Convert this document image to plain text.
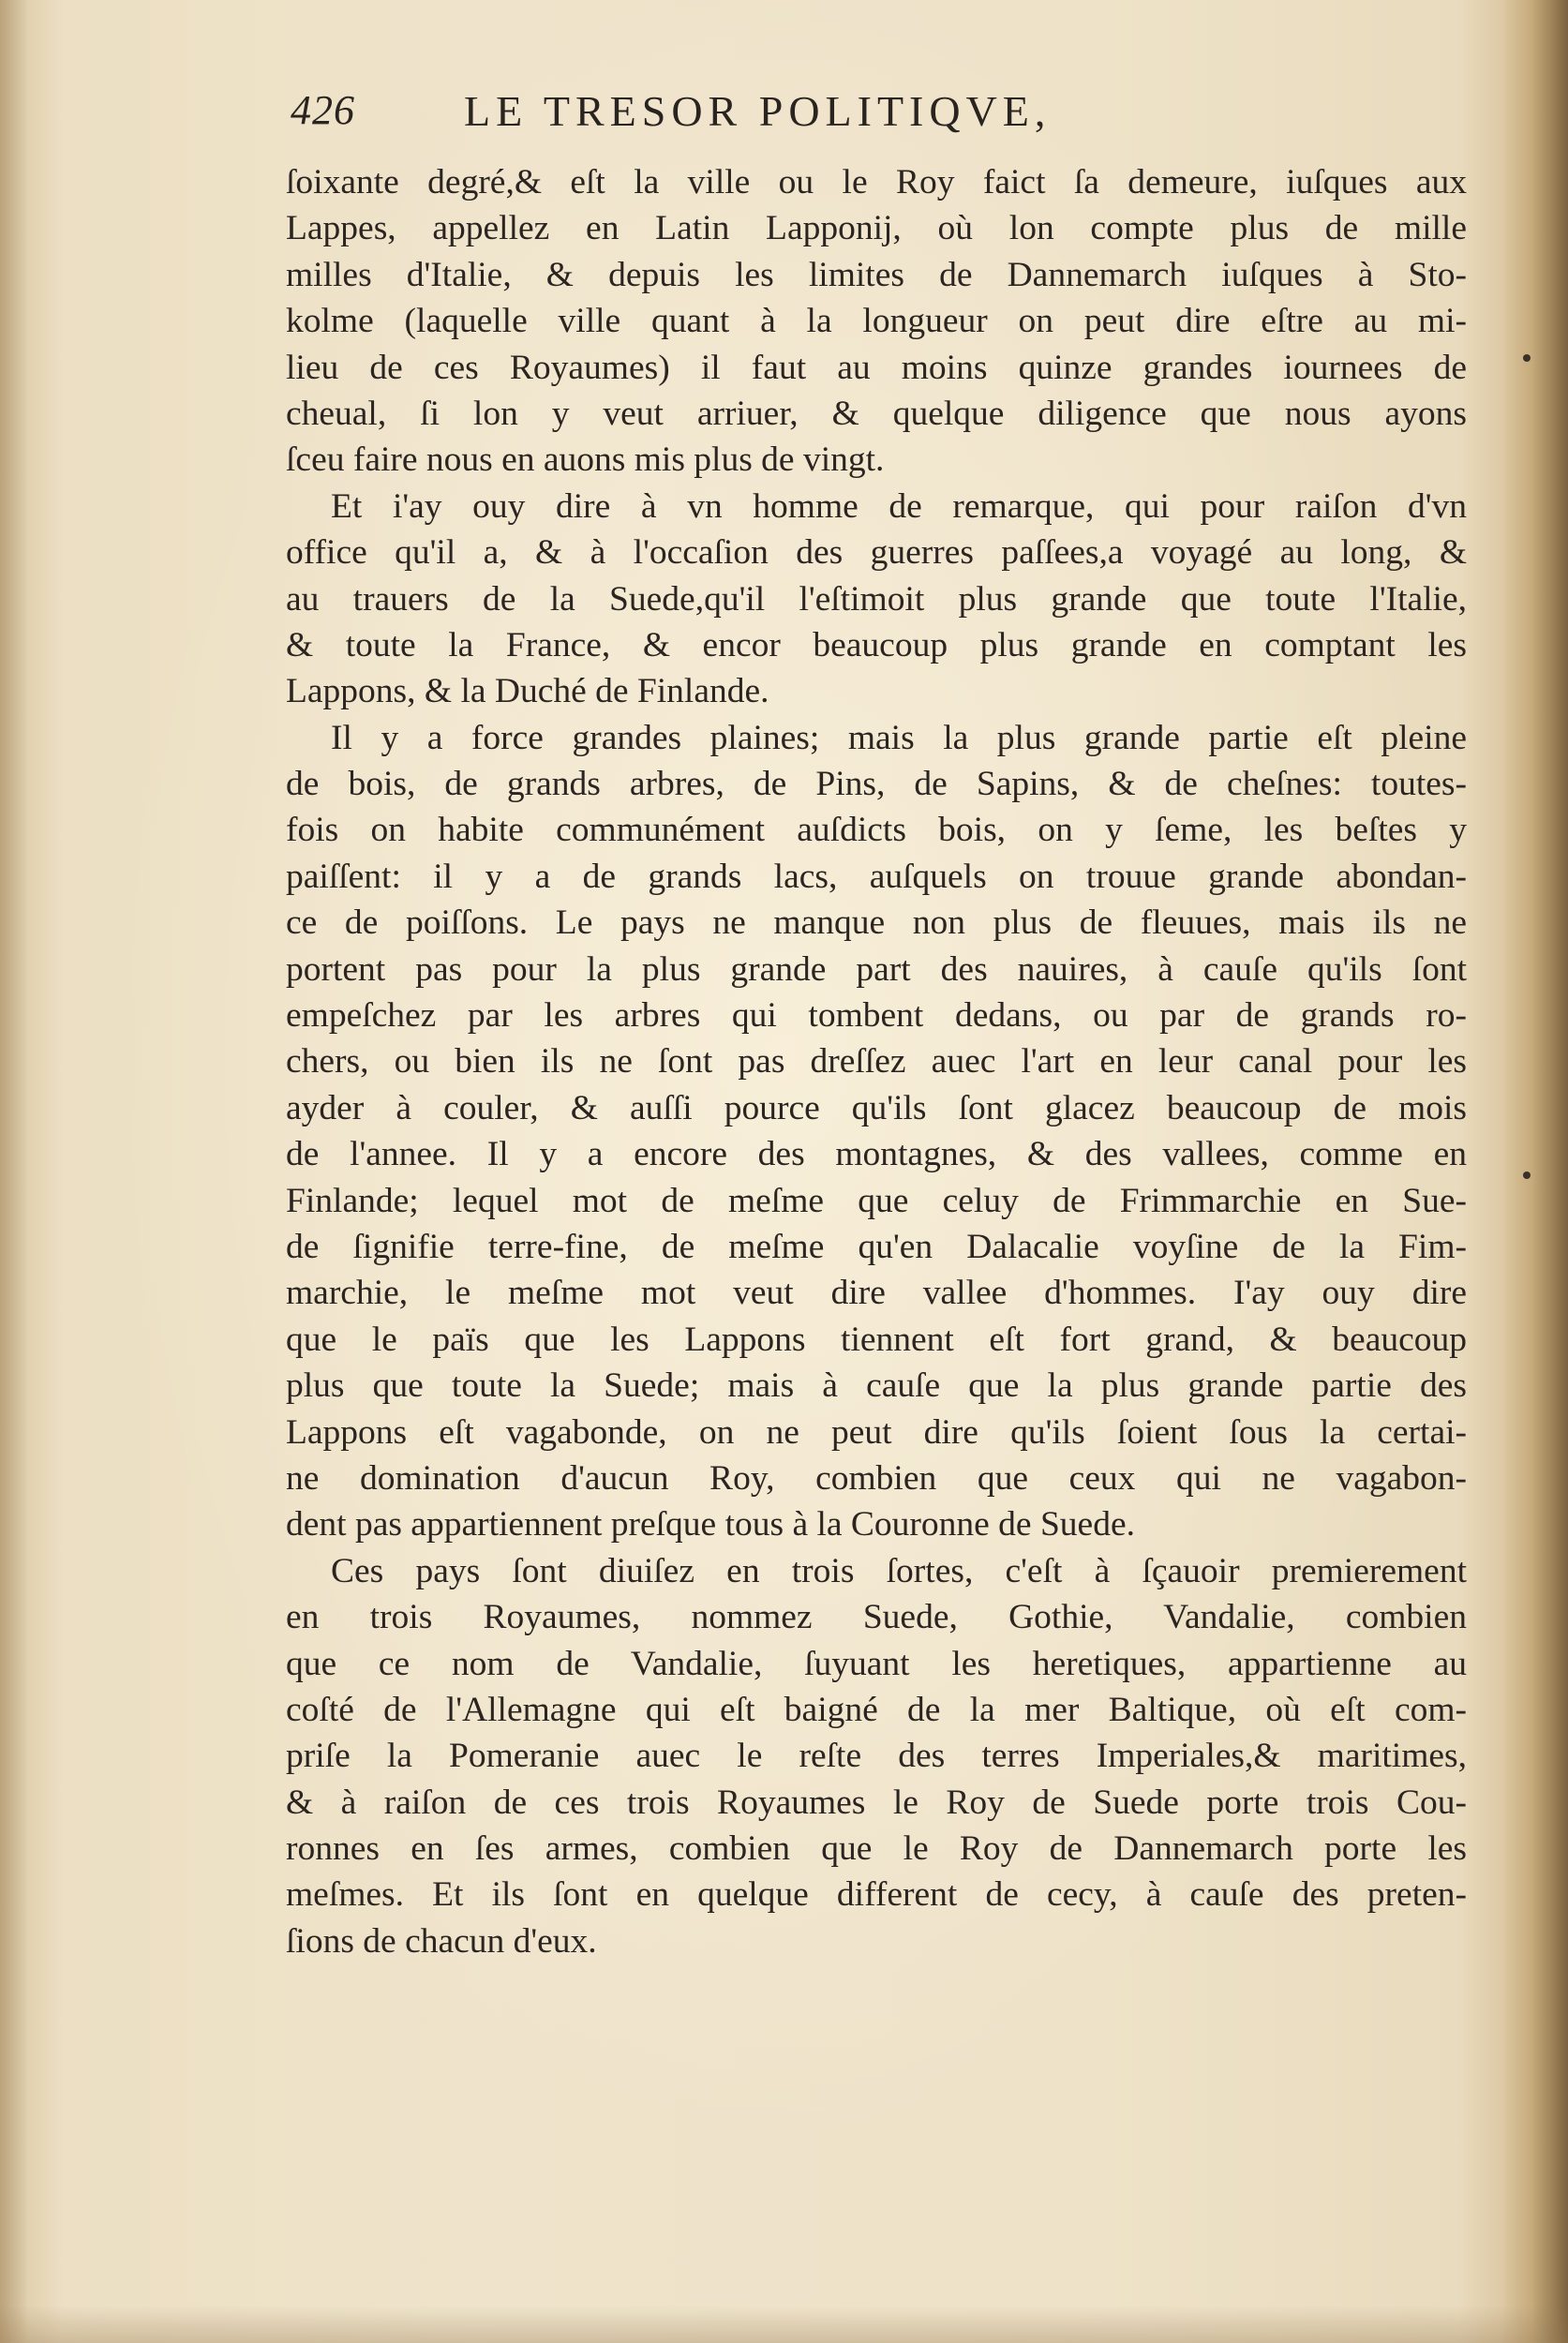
426	LE TRESOR POLITIQVE,
ſoixante degré,& eſt la ville ou le Roy faict ſa demeure, iuſques aux
Lappes, appellez en Latin Lapponij, où lon compte plus de mille
milles d'Italie, & depuis les limites de Dannemarch iuſques à Sto-
kolme (laquelle ville quant à la longueur on peut dire eſtre au mi-
lieu de ces Royaumes) il faut au moins quinze grandes iournees de
cheual, ſi lon y veut arriuer, & quelque diligence que nous ayons
ſceu faire nous en auons mis plus de vingt.
Et i'ay ouy dire à vn homme de remarque, qui pour raiſon d'vn
office qu'il a, & à l'occaſion des guerres paſſees,a voyagé au long, &
au trauers de la Suede,qu'il l'eſtimoit plus grande que toute l'Italie,
& toute la France, & encor beaucoup plus grande en comptant les
Lappons, & la Duché de Finlande.
Il y a force grandes plaines; mais la plus grande partie eſt pleine
de bois, de grands arbres, de Pins, de Sapins, & de cheſnes: toutes-
fois on habite communément auſdicts bois, on y ſeme, les beſtes y
paiſſent: il y a de grands lacs, auſquels on trouue grande abondan-
ce de poiſſons. Le pays ne manque non plus de fleuues, mais ils ne
portent pas pour la plus grande part des nauires, à cauſe qu'ils ſont
empeſchez par les arbres qui tombent dedans, ou par de grands ro-
chers, ou bien ils ne ſont pas dreſſez auec l'art en leur canal pour les
ayder à couler, & auſſi pource qu'ils ſont glacez beaucoup de mois
de l'annee. Il y a encore des montagnes, & des vallees, comme en
Finlande; lequel mot de meſme que celuy de Frimmarchie en Sue-
de ſignifie terre-fine, de meſme qu'en Dalacalie voyſine de la Fim-
marchie, le meſme mot veut dire vallee d'hommes. I'ay ouy dire
que le païs que les Lappons tiennent eſt fort grand, & beaucoup
plus que toute la Suede; mais à cauſe que la plus grande partie des
Lappons eſt vagabonde, on ne peut dire qu'ils ſoient ſous la certai-
ne domination d'aucun Roy, combien que ceux qui ne vagabon-
dent pas appartiennent preſque tous à la Couronne de Suede.
Ces pays ſont diuiſez en trois ſortes, c'eſt à ſçauoir premierement
en trois Royaumes, nommez Suede, Gothie, Vandalie, combien
que ce nom de Vandalie, ſuyuant les heretiques, appartienne au
coſté de l'Allemagne qui eſt baigné de la mer Baltique, où eſt com-
priſe la Pomeranie auec le reſte des terres Imperiales,& maritimes,
& à raiſon de ces trois Royaumes le Roy de Suede porte trois Cou-
ronnes en ſes armes, combien que le Roy de Dannemarch porte les
meſmes. Et ils ſont en quelque different de cecy, à cauſe des preten-
ſions de chacun d'eux.
